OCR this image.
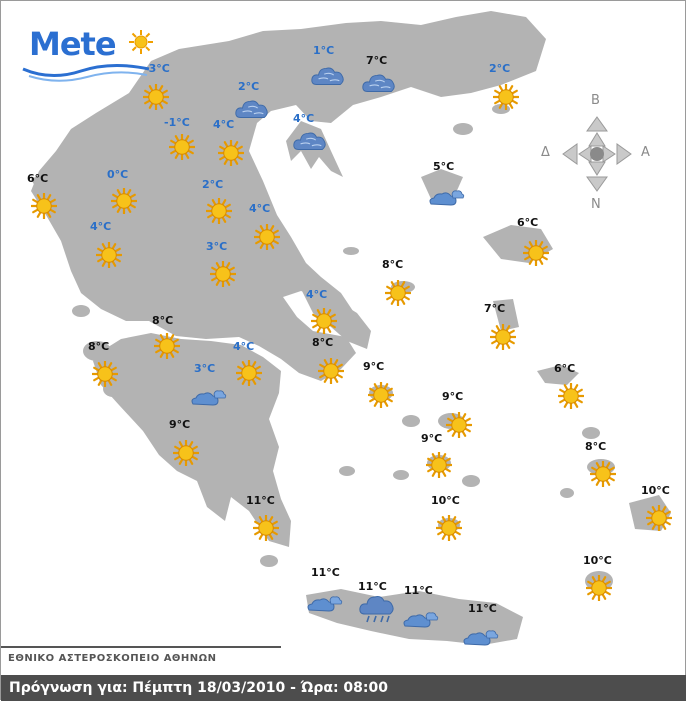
Mete
-3°C
1°C
7°C
2°C
2°C
-1°C 4°C	4°C
6°C	0°C
2°C
5°C
4°C
4°C
6°C
3°C
8°C
4°C
7°C
8°C
8°C	4°C	8°C
3°C	9°C	6°C
9°C
9°C
9°C
8°C
10°C
11°C	10°C
10°C
11°C
11°C 11°C
11°C
Β
Δ	Α
Ν
ΕΘΝΙΚΟ ΑΣΤΕΡΟΣΚΟΠΕΙΟ ΑΘΗΝΩΝ
Πρόγνωση για: Πέμπτη 18/03/2010 - Ώρα: 08:00
